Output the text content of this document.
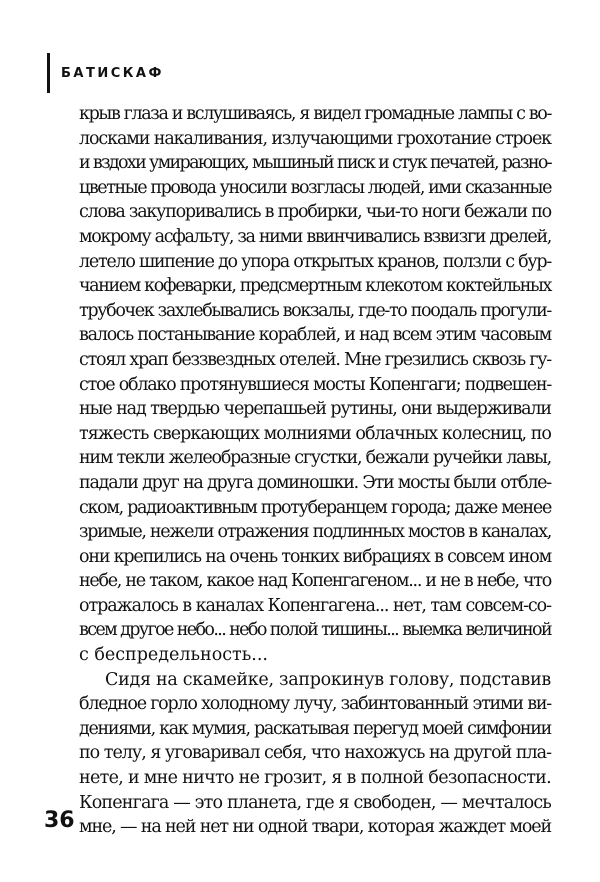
БАТИСКАФ
крыв глаза и вслушиваясь, я видел громадные лампы с во-
лосками накаливания, излучающими грохотание строек
и вздохи умирающих, мышиный писк и стук печатей, разно-
цветные провода уносили возгласы людей, ими сказанные
слова закупоривались в пробирки, чьи-то ноги бежали по
мокрому асфальту, за ними ввинчивались взвизги дрелей,
летело шипение до упора открытых кранов, ползли с бур-
чанием кофеварки, предсмертным клекотом коктейльных
трубочек захлебывались вокзалы, где-то поодаль прогули-
валось постанывание кораблей, и над всем этим часовым
стоял храп беззвездных отелей. Мне грезились сквозь гу-
стое облако протянувшиеся мосты Копенгаги; подвешен-
ные над твердью черепашьей рутины, они выдерживали
тяжесть сверкающих молниями облачных колесниц, по
ним текли желеобразные сгустки, бежали ручейки лавы,
падали друг на друга доминошки. Эти мосты были отбле-
ском, радиоактивным протуберанцем города; даже менее
зримые, нежели отражения подлинных мостов в каналах,
они крепились на очень тонких вибрациях в совсем ином
небе, не таком, какое над Копенгагеном... и не в небе, что
отражалось в каналах Копенгагена... нет, там совсем-со-
всем другое небо... небо полой тишины... выемка величиной
с беспредельность...
Сидя на скамейке, запрокинув голову, подставив
бледное горло холодному лучу, забинтованный этими ви-
дениями, как мумия, раскатывая перегуд моей симфонии
по телу, я уговаривал себя, что нахожусь на другой пла-
нете, и мне ничто не грозит, я в полной безопасности.
Копенгага — это планета, где я свободен, — мечталось
мне, — на ней нет ни одной твари, которая жаждет моей
36
